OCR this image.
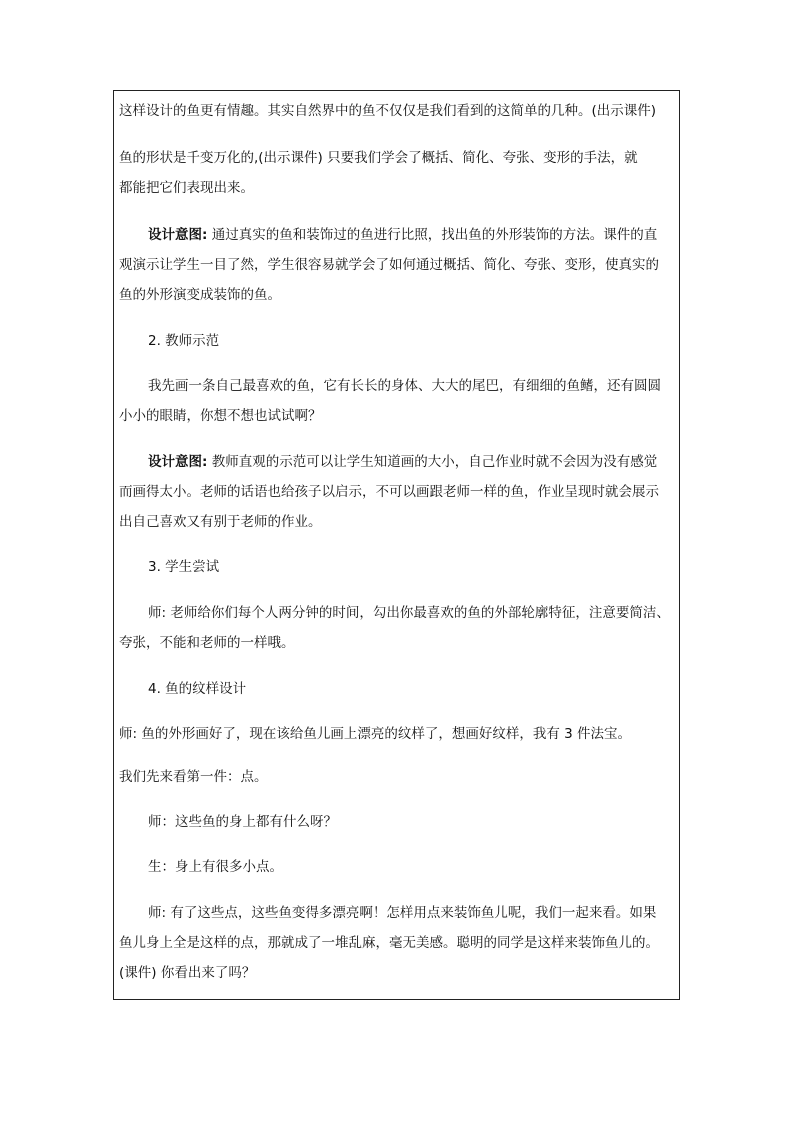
这样设计的鱼更有情趣。其实自然界中的鱼不仅仅是我们看到的这简单的几种。(出示课件)
鱼的形状是千变万化的,(出示课件) 只要我们学会了概括、简化、夸张、变形的手法，就
都能把它们表现出来。
设计意图: 通过真实的鱼和装饰过的鱼进行比照，找出鱼的外形装饰的方法。课件的直
观演示让学生一目了然，学生很容易就学会了如何通过概括、简化、夸张、变形，使真实的
鱼的外形演变成装饰的鱼。
2. 教师示范
我先画一条自己最喜欢的鱼，它有长长的身体、大大的尾巴，有细细的鱼鳍，还有圆圆
小小的眼睛，你想不想也试试啊？
设计意图: 教师直观的示范可以让学生知道画的大小，自己作业时就不会因为没有感觉
而画得太小。老师的话语也给孩子以启示，不可以画跟老师一样的鱼，作业呈现时就会展示
出自己喜欢又有别于老师的作业。
3. 学生尝试
师: 老师给你们每个人两分钟的时间，勾出你最喜欢的鱼的外部轮廓特征，注意要简洁、
夸张，不能和老师的一样哦。
4. 鱼的纹样设计
师: 鱼的外形画好了，现在该给鱼儿画上漂亮的纹样了，想画好纹样，我有 3 件法宝。
我们先来看第一件：点。
师：这些鱼的身上都有什么呀？
生：身上有很多小点。
师: 有了这些点，这些鱼变得多漂亮啊！怎样用点来装饰鱼儿呢，我们一起来看。如果
鱼儿身上全是这样的点，那就成了一堆乱麻，毫无美感。聪明的同学是这样来装饰鱼儿的。
(课件) 你看出来了吗？
